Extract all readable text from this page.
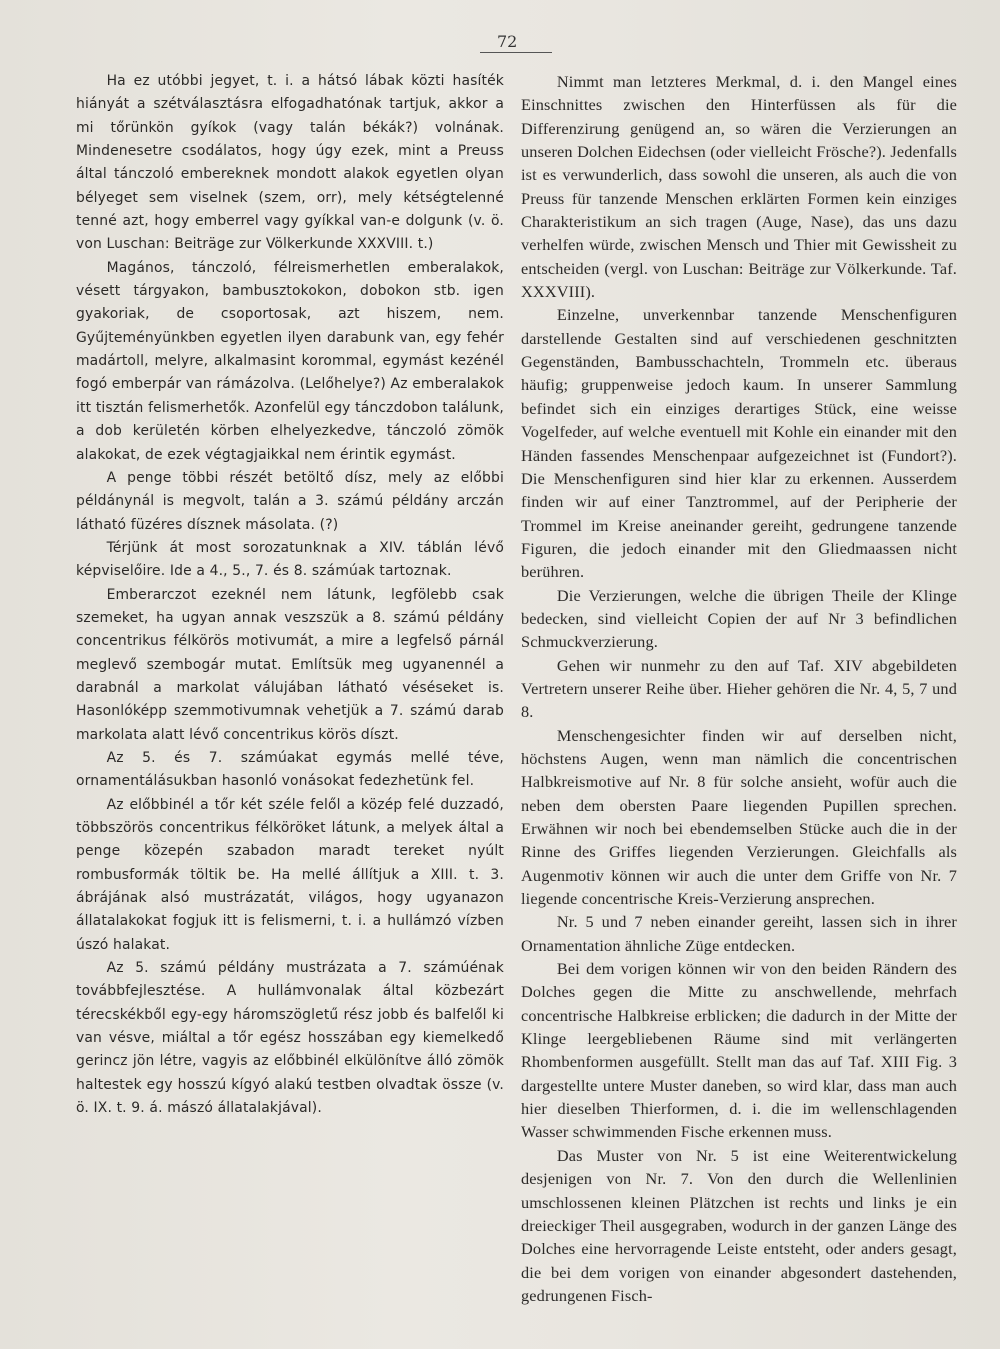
72

Ha ez utóbbi jegyet, t. i. a hátsó lábak közti hasíték hiányát a szétválasztásra elfogadhatónak tartjuk, akkor a mi tőrünkön gyíkok (vagy talán békák?) volnának. Mindenesetre csodálatos, hogy úgy ezek, mint a Preuss által tánczoló embereknek mondott alakok egyetlen olyan bélyeget sem viselnek (szem, orr), mely kétségtelenné tenné azt, hogy emberrel vagy gyíkkal van-e dolgunk (v. ö. von Luschan: Beiträge zur Völkerkunde XXXVIII. t.)

Magános, tánczoló, félreismerhetlen emberalakok, vésett tárgyakon, bambusztokokon, dobokon stb. igen gyakoriak, de csoportosak, azt hiszem, nem. Gyűjteményünkben egyetlen ilyen darabunk van, egy fehér madártoll, melyre, alkalmasint korommal, egymást kezénél fogó emberpár van rámázolva. (Lelőhelye?) Az emberalakok itt tisztán felismerhetők. Azonfelül egy tánczdobon találunk, a dob kerületén körben elhelyezkedve, tánczoló zömök alakokat, de ezek végtagjaikkal nem érintik egymást.

A penge többi részét betöltő dísz, mely az előbbi példánynál is megvolt, talán a 3. számú példány arczán látható füzéres dísznek másolata. (?)

Térjünk át most sorozatunknak a XIV. táblán lévő képviselőire. Ide a 4., 5., 7. és 8. számúak tartoznak.

Emberarczot ezeknél nem látunk, legfölebb csak szemeket, ha ugyan annak veszszük a 8. számú példány concentrikus félkörös motivumát, a mire a legfelső párnál meglevő szembogár mutat. Említsük meg ugyanennél a darabnál a markolat válujában látható véséseket is. Hasonlóképp szemmotivumnak vehetjük a 7. számú darab markolata alatt lévő concentrikus körös díszt.

Az 5. és 7. számúakat egymás mellé téve, ornamentálásukban hasonló vonásokat fedezhetünk fel.

Az előbbinél a tőr két széle felől a közép felé duzzadó, többszörös concentrikus félköröket látunk, a melyek által a penge közepén szabadon maradt tereket nyúlt rombusformák töltik be. Ha mellé állítjuk a XIII. t. 3. ábrájának alsó mustrázatát, világos, hogy ugyanazon állatalakokat fogjuk itt is felismerni, t. i. a hullámzó vízben úszó halakat.

Az 5. számú példány mustrázata a 7. számúénak továbbfejlesztése. A hullámvonalak által közbezárt térecskékből egy-egy háromszögletű rész jobb és balfelől ki van vésve, miáltal a tőr egész hosszában egy kiemelkedő gerincz jön létre, vagyis az előbbinél elkülönítve álló zömök haltestek egy hosszú kígyó alakú testben olvadtak össze (v. ö. IX. t. 9. á. mászó állatalakjával).

Nimmt man letzteres Merkmal, d. i. den Mangel eines Einschnittes zwischen den Hinterfüssen als für die Differenzirung genügend an, so wären die Verzierungen an unseren Dolchen Eidechsen (oder vielleicht Frösche?). Jedenfalls ist es verwunderlich, dass sowohl die unseren, als auch die von Preuss für tanzende Menschen erklärten Formen kein einziges Charakteristikum an sich tragen (Auge, Nase), das uns dazu verhelfen würde, zwischen Mensch und Thier mit Gewissheit zu entscheiden (vergl. von Luschan: Beiträge zur Völkerkunde. Taf. XXXVIII).

Einzelne, unverkennbar tanzende Menschenfiguren darstellende Gestalten sind auf verschiedenen geschnitzten Gegenständen, Bambusschachteln, Trommeln etc. überaus häufig; gruppenweise jedoch kaum. In unserer Sammlung befindet sich ein einziges derartiges Stück, eine weisse Vogelfeder, auf welche eventuell mit Kohle ein einander mit den Händen fassendes Menschenpaar aufgezeichnet ist (Fundort?). Die Menschenfiguren sind hier klar zu erkennen. Ausserdem finden wir auf einer Tanztrommel, auf der Peripherie der Trommel im Kreise aneinander gereiht, gedrungene tanzende Figuren, die jedoch einander mit den Gliedmaassen nicht berühren.

Die Verzierungen, welche die übrigen Theile der Klinge bedecken, sind vielleicht Copien der auf Nr 3 befindlichen Schmuckverzierung.

Gehen wir nunmehr zu den auf Taf. XIV abgebildeten Vertretern unserer Reihe über. Hieher gehören die Nr. 4, 5, 7 und 8.

Menschengesichter finden wir auf derselben nicht, höchstens Augen, wenn man nämlich die concentrischen Halbkreismotive auf Nr. 8 für solche ansieht, wofür auch die neben dem obersten Paare liegenden Pupillen sprechen. Erwähnen wir noch bei ebendemselben Stücke auch die in der Rinne des Griffes liegenden Verzierungen. Gleichfalls als Augenmotiv können wir auch die unter dem Griffe von Nr. 7 liegende concentrische Kreis-Verzierung ansprechen.

Nr. 5 und 7 neben einander gereiht, lassen sich in ihrer Ornamentation ähnliche Züge entdecken.

Bei dem vorigen können wir von den beiden Rändern des Dolches gegen die Mitte zu anschwellende, mehrfach concentrische Halbkreise erblicken; die dadurch in der Mitte der Klinge leergebliebenen Räume sind mit verlängerten Rhombenformen ausgefüllt. Stellt man das auf Taf. XIII Fig. 3 dargestellte untere Muster daneben, so wird klar, dass man auch hier dieselben Thierformen, d. i. die im wellenschlagenden Wasser schwimmenden Fische erkennen muss.

Das Muster von Nr. 5 ist eine Weiterentwickelung desjenigen von Nr. 7. Von den durch die Wellenlinien umschlossenen kleinen Plätzchen ist rechts und links je ein dreieckiger Theil ausgegraben, wodurch in der ganzen Länge des Dolches eine hervorragende Leiste entsteht, oder anders gesagt, die bei dem vorigen von einander abgesondert dastehenden, gedrungenen Fisch-
